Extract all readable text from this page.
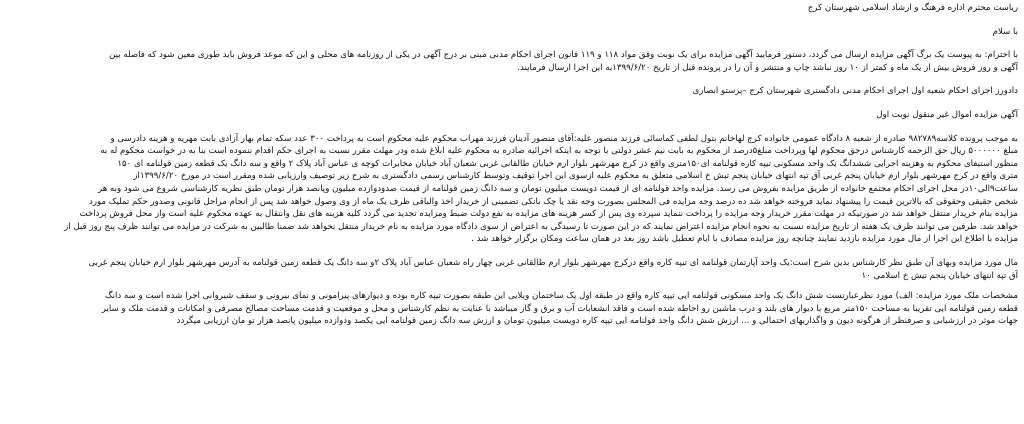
ریاست محترم اداره فرهنگ و ارشاد اسلامی شهرستان کرج
با سلام
با احترام: به پیوست یک برگ آگهی مزایده ارسال می گردد، دستور فرمایید آگهی مزایده برای یک نوبت وفق مواد ۱۱۸ و ۱۱۹ قانون اجرای احکام مدنی مبنی بر درج آگهی در یکی از روزنامه های محلی و این که موعد فروش باید طوری معین شود که فاصله بین
آگهی و روز فروش بیش از یک ماه و کمتر از ۱۰ روز نباشد چاپ و منتشر و آن را در پرونده قبل از تاریخ ۱۳۹۹/۶/۲۰به این اجرا ارسال فرمایند.
دادورز اجرای احکام شعبه اول اجرای احکام مدنی دادگستری شهرستان کرج –پرستو انصاری
آگهی مزایده اموال غیر منقول نوبت اول
به موجب پرونده کلاسه۹۸۲۷۸۹ صادره از شعبه ۸ دادگاه عمومی خانواده کرج لهاخانم بتول لطفی کماسائی فرزند منصور علیه:آقای منصور آدینان فرزند مهراب محکوم علیه محکوم است به پرداخت ۳۰۰ عدد سکه تمام بهار آزادی بابت مهریه و هزینه دادرسی و
مبلغ ۵۰۰۰۰۰۰ ریال حق الزحمه کارشناس درحق محکوم لها وپرداخت مبلغ۵درصد از محکوم به بابت نیم عشر دولتی با توجه به اینکه اجرائیه صادره به محکوم علیه ابلاغ شده ودر مهلت مقرر نسبت به اجرای حکم اقدام ننموده است بنا به در خواست محکوم له به
منظور استیفای محکوم به وهزینه اجرایی ششدانگ یک واحد مسکونی تیپه کاره قولنامه ای۱۵۰متری واقع در کرج مهرشهر بلوار ارم خیابان طالقانی غربی شعبان آباد خیابان مخابرات کوچه ی عباس آباد پلاک ۲ واقع و سه دانگ یک قطعه زمین قولنامه ای ۱۵۰
متری واقع در کرج مهرشهر بلوار ارم خیابان پنجم غربی آق تپه انتهای خیابان پنجم تیش خ اسلامی متعلق به محکوم علیه ازسوی این اجرا توقیف وتوسط کارشناس رسمی دادگستری به شرح زیر توصیف وارزیابی شده ومقرر است در مورخ ۱۳۹۹/۶/۲۰از
ساعت۹الی۱۰در محل اجرای احکام مجتمع خانواده از طریق مزایده بفروش می رسد. مزایده واحد قولنامه ای از قیمت دویست میلیون تومان و سه دانگ زمین قولنامه از قیمت صدودوازده میلیون وپانصد هزار تومان طبق نظریه کارشناسی شروع می شود وبه هر
شخص حقیقی وحقوقی که بالاترین قیمت را پیشنهاد نماید فروخته خواهد شد ده درصد وجه مزایده فی المجلس بصورت وجه نقد یا چک بانکی تضمینی از خریدار اخذ والباقی ظرف یک ماه از وی وصول خواهد شد پس از انجام مراحل قانونی وصدور حکم تملیک مورد
مزایده بنام خریدار منتقل خواهد شد در صورتیکه در مهلت مقرر خریدار وجه مزایده را پرداخت ننماید سپرده وی پس از کسر هزینه های مزایده به نفع دولت ضبط ومزایده تجدید می گردد کلیه هزینه های نقل وانتقال به عهده محکوم علیه است واز محل فروش پرداخت
خواهد شد. طرفین می توانند ظرف یک هفته از تاریخ مزایده نسبت به نحوه انجام مزایده اعتراض نمایند که در این صورت تا رسیدگی به اعتراض از سوی دادگاه مورد مزایده به نام خریدار منتقل نخواهد شد ضمنا طالبین به شرکت در مزایده می توانند ظرف پنج روز قبل از
مزایده با اطلاع این اجرا از مال مورد مزایده بازدید نمایند چنانچه روز مزایده مصادف با ایام تعطیل باشد روز بعد در همان ساعت ومکان برگزار خواهد شد .
مال مورد مزایده وبهای آن طبق نظر کارشناس بدین شرح است:یک واحد آپارتمان قولنامه ای تیپه کاره واقع درکرج مهرشهر بلوار ارم طالقانی غربی چهار راه شعبان عباس آباد پلاک ۲و سه دانگ یک قطعه زمین قولنامه به آدرس مهرشهر بلوار ارم خیابان پنجم غربی
آق تپه انتهای خیابان پنجم تیش خ اسلامی ۱۰
مشخصات ملک مورد مزایده: الف) مورد نظرعبارتست شش دانگ یک واحد مسکونی قولنامه ایی تیپه کاره واقع در طبقه اول یک ساختمان ویلایی این طبقه بصورت تیپه کاره بوده و دیوارهای پیرامونی و نمای بیرونی و سقف شیروانی اجرا شده است و سه دانگ
قطعه زمین قولنامه ایی تقریبا به مساحت ۱۵۰متر مربع با دیوار های بلند و درب ماشین رو احاطه شده است و فاقد انشعابات آب و برق و گاز میباشد با عنایت به نظم کارشناس و محل و موقعیت و قدمت مساحت مصالح مصرفی و امکانات و قدمت ملک و سایر
جهات موثر در ارزشیابی و صرفنظر از هرگونه دیون و واگذاریهای احتمالی و ... ارزش شش دانگ واحد قولنامه ایی تیپه کاره دویست میلیون تومان و ارزش سه دانگ زمین قولنامه ایی یکصد ودوازده میلیون پانصد هزار تو مان ارزیابی میگردد
